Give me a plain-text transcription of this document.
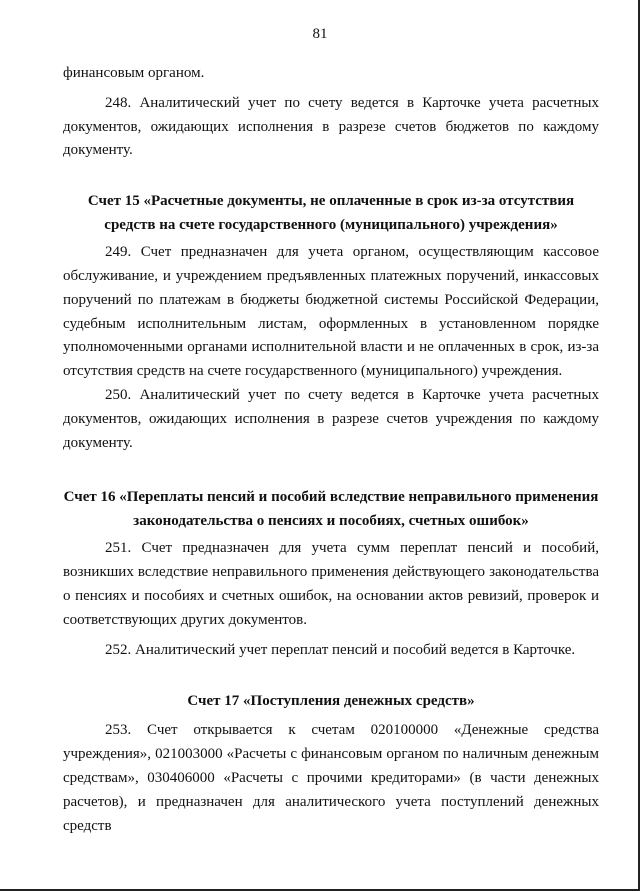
81

финансовым органом.

248. Аналитический учет по счету ведется в Карточке учета расчетных документов, ожидающих исполнения в разрезе счетов бюджетов по каждому документу.

Счет 15 «Расчетные документы, не оплаченные в срок из-за отсутствия средств на счете государственного (муниципального) учреждения»

249. Счет предназначен для учета органом, осуществляющим кассовое обслуживание, и учреждением предъявленных платежных поручений, инкассовых поручений по платежам в бюджеты бюджетной системы Российской Федерации, судебным исполнительным листам, оформленных в установленном порядке уполномоченными органами исполнительной власти и не оплаченных в срок, из-за отсутствия средств на счете государственного (муниципального) учреждения.

250. Аналитический учет по счету ведется в Карточке учета расчетных документов, ожидающих исполнения в разрезе счетов учреждения по каждому документу.

Счет 16 «Переплаты пенсий и пособий вследствие неправильного применения законодательства о пенсиях и пособиях, счетных ошибок»

251. Счет предназначен для учета сумм переплат пенсий и пособий, возникших вследствие неправильного применения действующего законодательства о пенсиях и пособиях и счетных ошибок, на основании актов ревизий, проверок и соответствующих других документов.

252. Аналитический учет переплат пенсий и пособий ведется в Карточке.

Счет 17 «Поступления денежных средств»

253. Счет открывается к счетам 020100000 «Денежные средства учреждения», 021003000 «Расчеты с финансовым органом по наличным денежным средствам», 030406000 «Расчеты с прочими кредиторами» (в части денежных расчетов), и предназначен для аналитического учета поступлений денежных средств
